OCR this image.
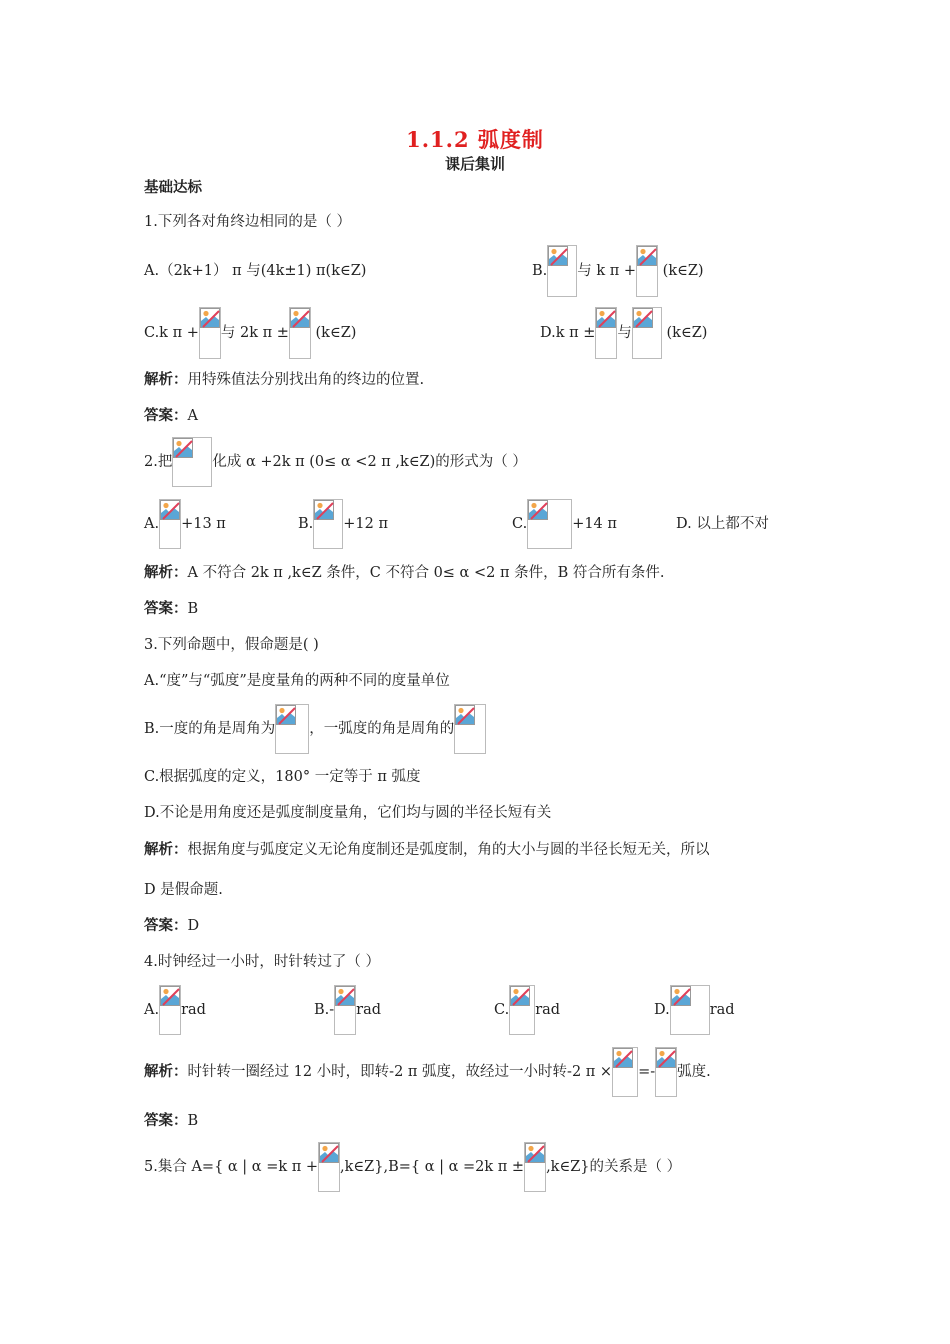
1.1.2 弧度制
课后集训
基础达标
1.下列各对角终边相同的是（ ）
A.（2k+1） π 与(4k±1) π(k∈Z)	B. 与 k π + (k∈Z)
C.k π + 与 2k π ± (k∈Z)	D.k π ± 与 (k∈Z)
解析：用特殊值法分别找出角的终边的位置.
答案：A
2.把	化成 α +2k π (0≤ α <2 π ,k∈Z)的形式为（ ）
A. +13 π	B. +12 π	C.	+14 π	D. 以上都不对
解析：A 不符合 2k π ,k∈Z 条件，C 不符合 0≤ α <2 π 条件，B 符合所有条件.
答案：B
3.下列命题中，假命题是( )
A.“度”与“弧度”是度量角的两种不同的度量单位
B.一度的角是周角为 ，一弧度的角是周角的
C.根据弧度的定义，180° 一定等于 π 弧度
D.不论是用角度还是弧度制度量角，它们均与圆的半径长短有关
解析：根据角度与弧度定义无论角度制还是弧度制，角的大小与圆的半径长短无关，所以
D 是假命题.
答案：D
4.时钟经过一小时，时针转过了（ ）
A. rad	B.- rad	C. rad	D.	rad
解析：时针转一圈经过 12 小时，即转-2 π 弧度，故经过一小时转-2 π × =- 弧度.
答案：B
5.集合 A={ α | α =k π + ,k∈Z},B={ α | α =2k π ± ,k∈Z}的关系是（ ）
